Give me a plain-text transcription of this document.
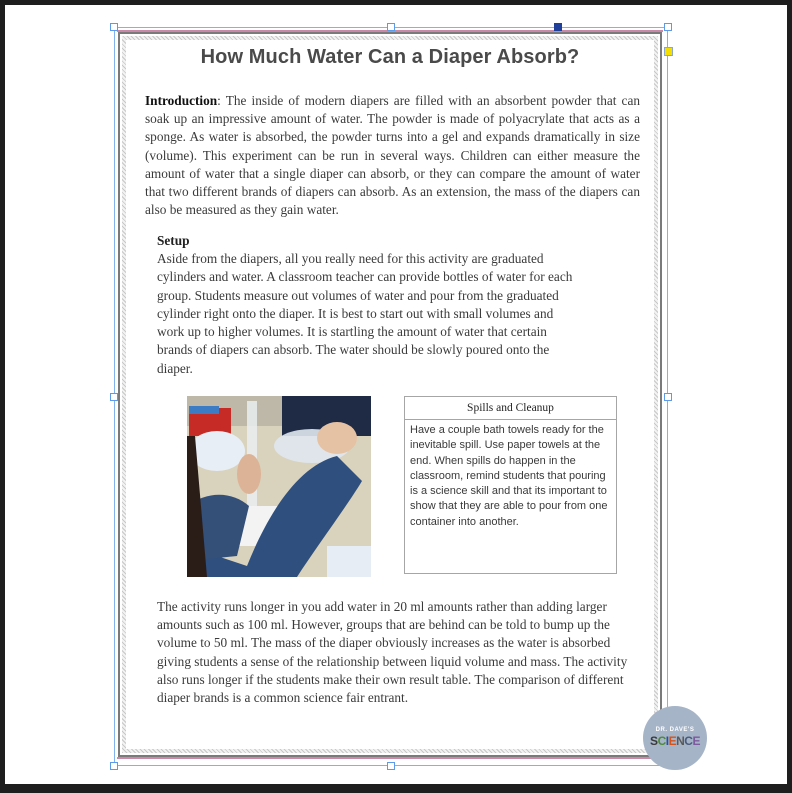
How Much Water Can a Diaper Absorb?
Introduction: The inside of modern diapers are filled with an absorbent powder that can soak up an impressive amount of water. The powder is made of polyacrylate that acts as a sponge. As water is absorbed, the powder turns into a gel and expands dramatically in size (volume). This experiment can be run in several ways. Children can either measure the amount of water that a single diaper can absorb, or they can compare the amount of water that two different brands of diapers can absorb. As an extension, the mass of the diapers can also be measured as they gain water.
Setup
Aside from the diapers, all you really need for this activity are graduated cylinders and water. A classroom teacher can provide bottles of water for each group. Students measure out volumes of water and pour from the graduated cylinder right onto the diaper. It is best to start out with small volumes and work up to higher volumes. It is startling the amount of water that certain brands of diapers can absorb. The water should be slowly poured onto the diaper.
Spills and Cleanup
Have a couple bath towels ready for the inevitable spill. Use paper towels at the end. When spills do happen in the classroom, remind students that pouring is a science skill and that its important to show that they are able to pour from one container into another.
The activity runs longer in you add water in 20 ml amounts rather than adding larger amounts such as 100 ml. However, groups that are behind can be told to bump up the volume to 50 ml. The mass of the diaper obviously increases as the water is absorbed giving students a sense of the relationship between liquid volume and mass. The activity also runs longer if the students make their own result table. The comparison of different diaper brands is a common science fair entrant.
DR. DAVE'S
SCIENCE
